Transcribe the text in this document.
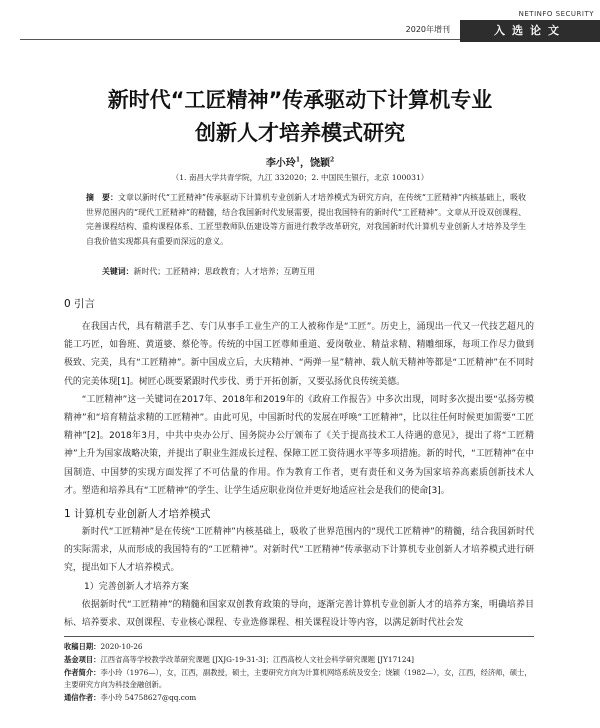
2020年增刊
NETINFO SECURITY
入选论文
新时代“工匠精神”传承驱动下计算机专业
创新人才培养模式研究
李小玲$^1$，饶颖$^2$
（1. 南昌大学共青学院，九江 332020；2. 中国民生银行，北京 100031）
摘　要：文章以新时代“工匠精神”传承驱动下计算机专业创新人才培养模式为研究方向，在传统“工匠精神”内核基础上，吸收世界范围内的“现代工匠精神”的精髓，结合我国新时代发展需要，提出我国特有的新时代“工匠精神”。文章从开设双创课程、完善课程结构、重构课程体系、工匠型教师队伍建设等方面进行教学改革研究，对我国新时代计算机专业创新人才培养及学生自我价值实现都具有重要而深远的意义。
关键词：新时代；工匠精神；思政教育；人才培养；互聘互用
0 引言

在我国古代，具有精湛手艺、专门从事手工业生产的工人被称作是“工匠”。历史上，涌现出一代又一代技艺超凡的能工巧匠，如鲁班、黄道婆、蔡伦等。传统的中国工匠尊师重道、爱岗敬业、精益求精、精雕细琢，每项工作尽力做到极致、完美，具有“工匠精神”。新中国成立后，大庆精神、“两弹一星”精神、载人航天精神等都是“工匠精神”在不同时代的完美体现[1]。树匠心既要紧跟时代步伐、勇于开拓创新，又要弘扬优良传统美德。

“工匠精神”这一关键词在2017年、2018年和2019年的《政府工作报告》中多次出现，同时多次提出要“弘扬劳模精神”和“培育精益求精的工匠精神”。由此可见，中国新时代的发展在呼唤“工匠精神”，比以往任何时候更加需要“工匠精神”[2]。2018年3月，中共中央办公厅、国务院办公厅颁布了《关于提高技术工人待遇的意见》，提出了将“工匠精神”上升为国家战略决策，并提出了职业生涯成长过程、保障工匠工资待遇水平等多项措施。新的时代，“工匠精神”在中国制造、中国梦的实现方面发挥了不可估量的作用。作为教育工作者，更有责任和义务为国家培养高素质创新技术人才。塑造和培养具有“工匠精神”的学生、让学生适应职业岗位并更好地适应社会是我们的使命[3]。

1 计算机专业创新人才培养模式

新时代“工匠精神”是在传统“工匠精神”内核基础上，吸收了世界范围内的“现代工匠精神”的精髓，结合我国新时代的实际需求，从而形成的我国特有的“工匠精神”。对新时代“工匠精神”传承驱动下计算机专业创新人才培养模式进行研究，提出如下人才培养模式。

1）完善创新人才培养方案

依据新时代“工匠精神”的精髓和国家双创教育政策的导向，逐渐完善计算机专业创新人才的培养方案，明确培养目标、培养要求、双创课程、专业核心课程、专业选修课程、相关课程设计等内容，以满足新时代社会发

收稿日期：2020-10-26
基金项目：江西省高等学校教学改革研究课题 [JXJG-19-31-3]；江西高校人文社会科学研究课题 [JY17124]
作者简介：李小玲（1976—），女，江西，副教授，硕士，主要研究方向为计算机网络系统及安全；饶颖（1982—），女，江西，经济师，硕士，主要研究方向为科技金融创新。
通信作者：李小玲 54758627@qq.com
